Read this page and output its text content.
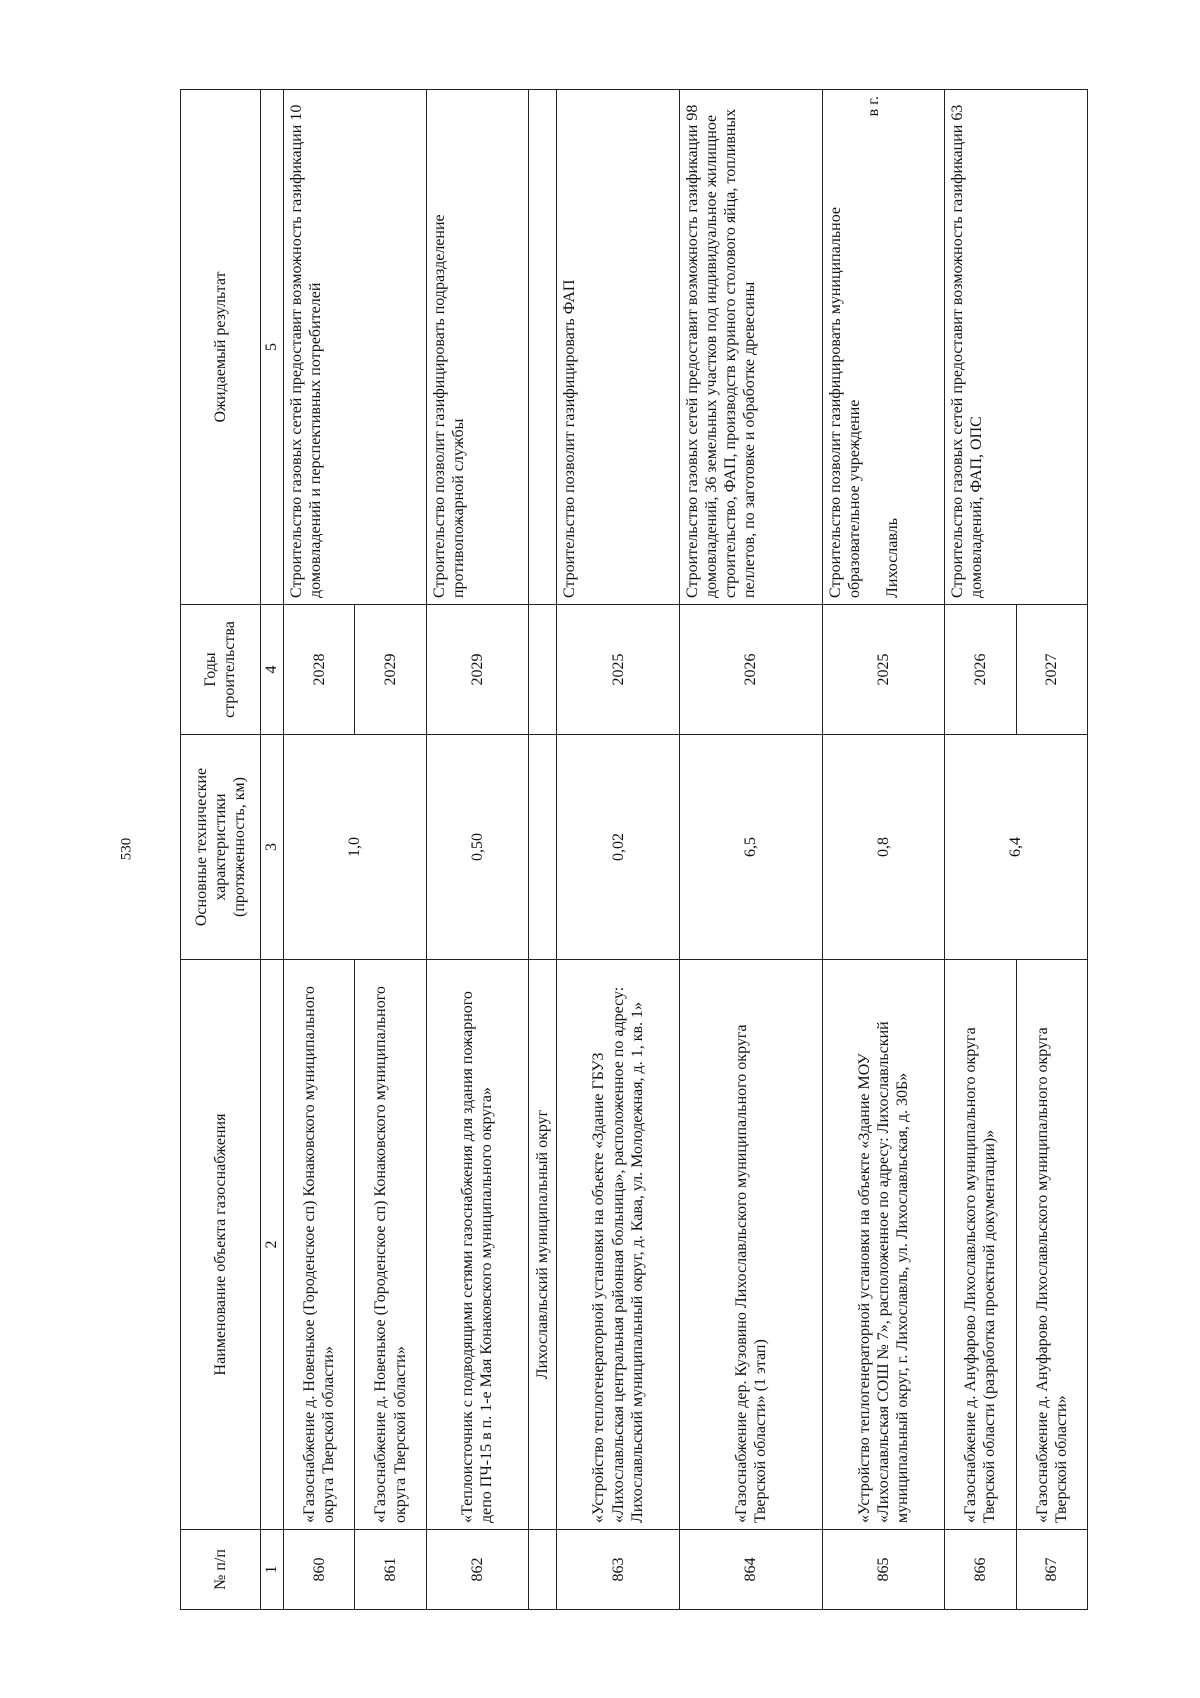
530
№ п/п	Наименование объекта газоснабжения	Основные технические характеристики (протяженность, км)	Годы строительства	Ожидаемый результат
1	2	3	4	5
860	«Газоснабжение д. Новенькое (Городенское сп) Конаковского муниципального округа Тверской области»	1,0	2028	Строительство газовых сетей предоставит возможность газификации 10 домовладений и перспективных потребителей
861	«Газоснабжение д. Новенькое (Городенское сп) Конаковского муниципального округа Тверской области»		2029	
862	«Теплоисточник с подводящими сетями газоснабжения для здания пожарного депо ПЧ-15 в п. 1-е Мая Конаковского муниципального округа»	0,50	2029	Строительство позволит газифицировать подразделение противопожарной службы
	Лихославльский муниципальный округ			
863	«Устройство теплогенераторной установки на объекте «Здание ГБУЗ «Лихославльская центральная районная больница», расположенное по адресу: Лихославльский муниципальный округ, д. Кава, ул. Молодежная, д. 1, кв. 1»	0,02	2025	Строительство позволит газифицировать ФАП
864	«Газоснабжение дер. Кузовино Лихославльского муниципального округа Тверской области» (1 этап)	6,5	2026	Строительство газовых сетей предоставит возможность газификации 98 домовладений, 36 земельных участков под индивидуальное жилищное строительство, ФАП, производств куриного столового яйца, топливных пеллетов, по заготовке и обработке древесины
865	«Устройство теплогенераторной установки на объекте «Здание МОУ «Лихославльская СОШ № 7», расположенное по адресу: Лихославльский муниципальный округ, г. Лихославль, ул. Лихославльская, д. 30Б»	0,8	2025	Строительство позволит газифицировать муниципальное образовательное учреждение
в г.
Лихославль
866	«Газоснабжение д. Ануфарово Лихославльского муниципального округа Тверской области (разработка проектной документации)»	6,4	2026	Строительство газовых сетей предоставит возможность газификации 63 домовладений, ФАП, ОПС
867	«Газоснабжение д. Ануфарово Лихославльского муниципального округа Тверской области»		2027	
